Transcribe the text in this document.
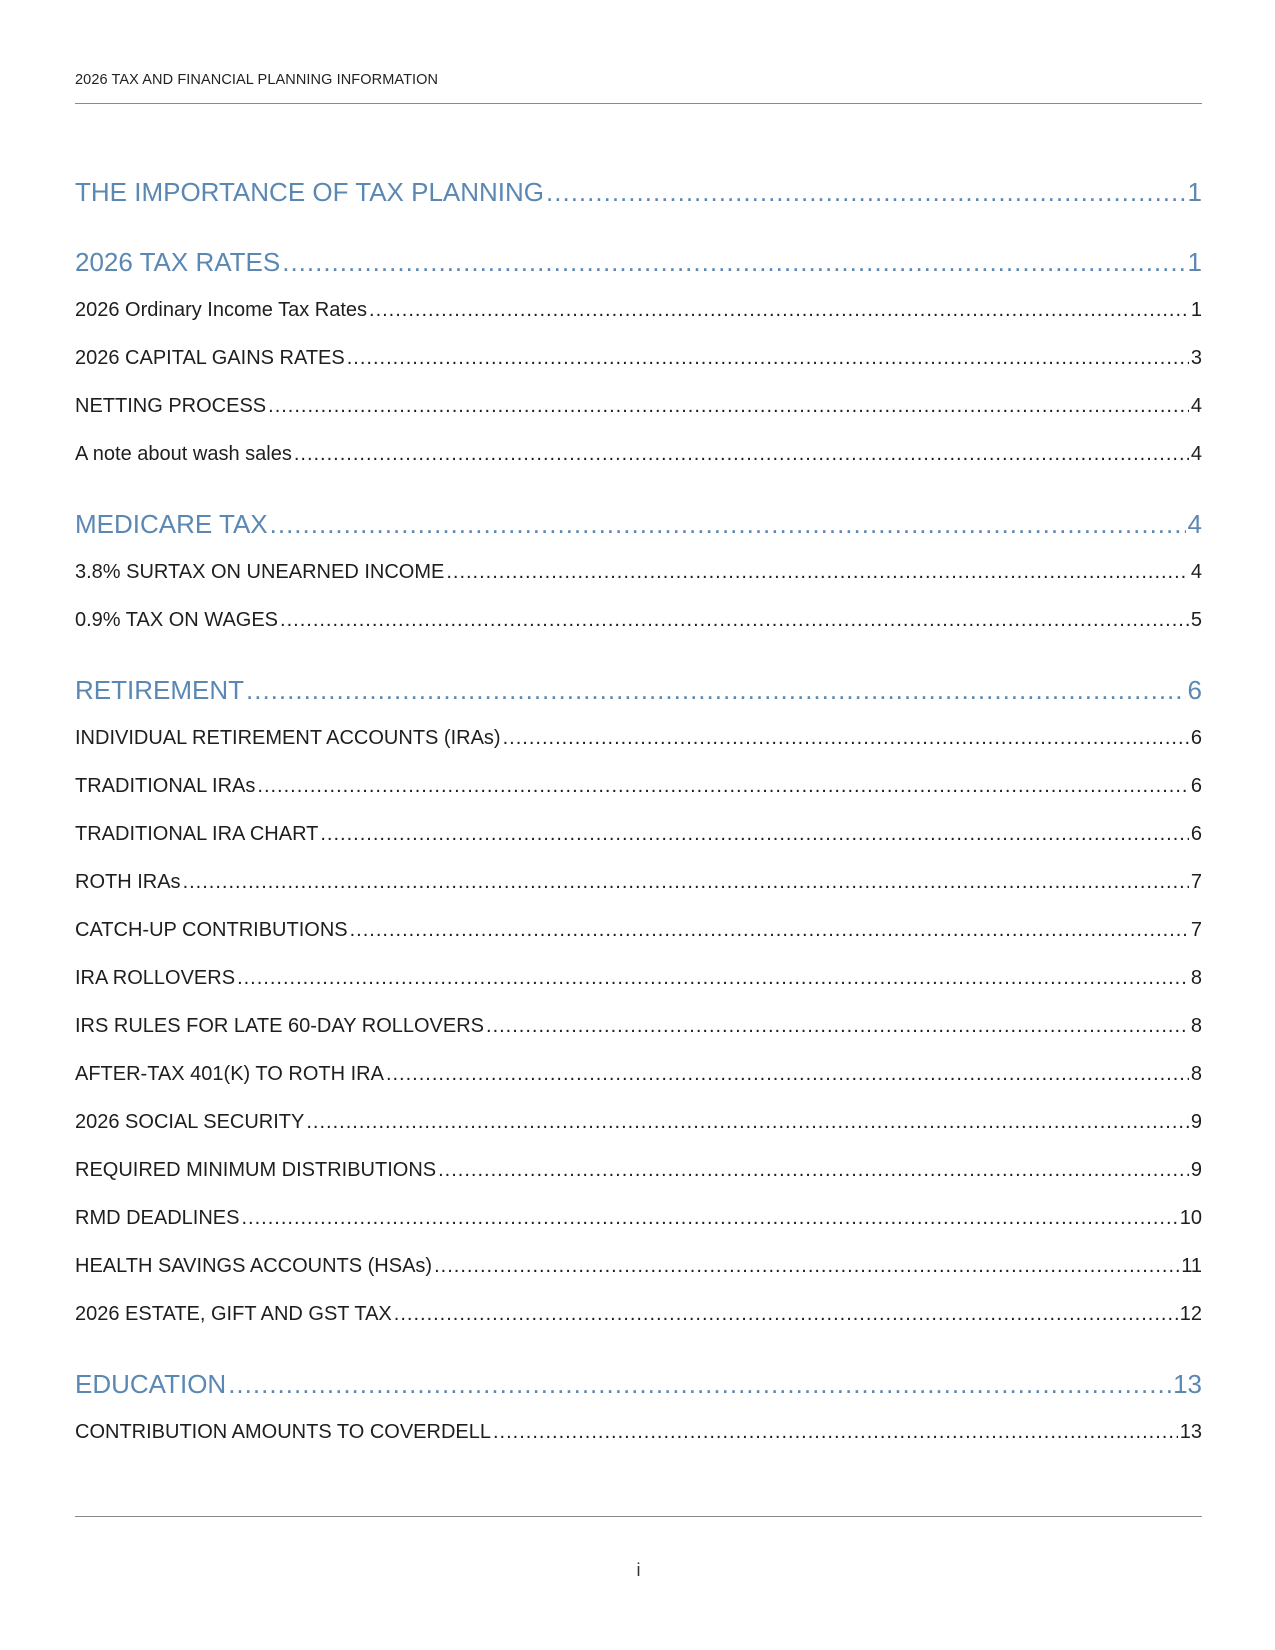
2026 TAX AND FINANCIAL PLANNING INFORMATION
THE IMPORTANCE OF TAX PLANNING .....	1
2026 TAX RATES .....	1
2026 Ordinary Income Tax Rates .....	1
2026 CAPITAL GAINS RATES .....	3
NETTING PROCESS .....	4
A note about wash sales .....	4
MEDICARE TAX .....	4
3.8% SURTAX ON UNEARNED INCOME .....	4
0.9% TAX ON WAGES .....	5
RETIREMENT .....	6
INDIVIDUAL RETIREMENT ACCOUNTS (IRAs) .....	6
TRADITIONAL IRAs .....	6
TRADITIONAL IRA CHART .....	6
ROTH IRAs .....	7
CATCH-UP CONTRIBUTIONS .....	7
IRA ROLLOVERS .....	8
IRS RULES FOR LATE 60-DAY ROLLOVERS .....	8
AFTER-TAX 401(K) TO ROTH IRA .....	8
2026 SOCIAL SECURITY .....	9
REQUIRED MINIMUM DISTRIBUTIONS .....	9
RMD DEADLINES .....	10
HEALTH SAVINGS ACCOUNTS (HSAs) .....	11
2026 ESTATE, GIFT AND GST TAX .....	12
EDUCATION .....	13
CONTRIBUTION AMOUNTS TO COVERDELL .....	13
i
